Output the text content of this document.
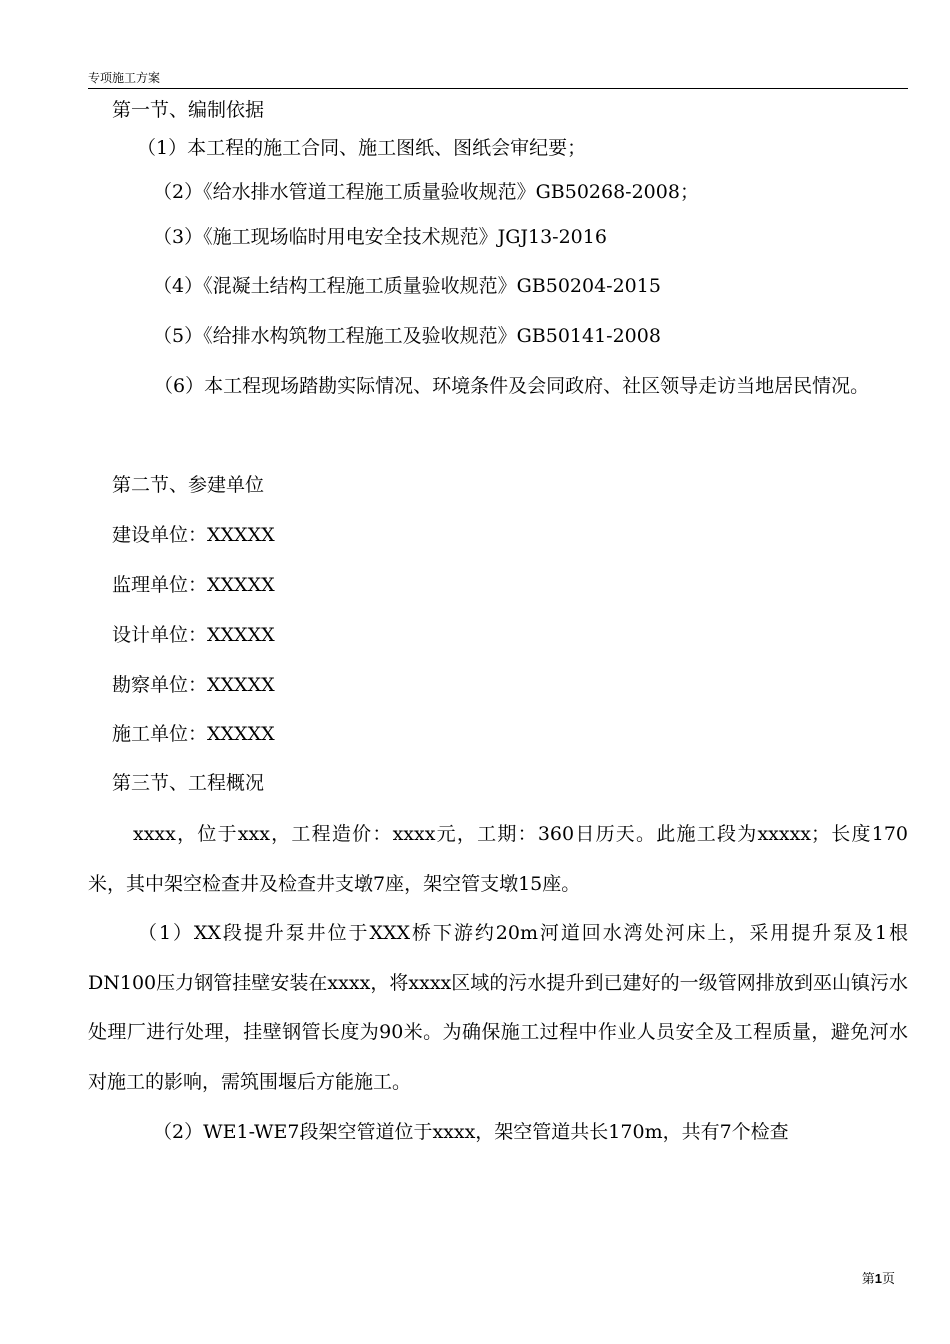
专项施工方案
第一节、编制依据
（1）本工程的施工合同、施工图纸、图纸会审纪要；
（2）《给水排水管道工程施工质量验收规范》GB50268-2008；
（3）《施工现场临时用电安全技术规范》JGJ13-2016
（4）《混凝土结构工程施工质量验收规范》GB50204-2015
（5）《给排水构筑物工程施工及验收规范》GB50141-2008
（6）本工程现场踏勘实际情况、环境条件及会同政府、社区领导走访当地居民情况。
第二节、参建单位
建设单位：XXXXX
监理单位：XXXXX
设计单位：XXXXX
勘察单位：XXXXX
施工单位：XXXXX
第三节、工程概况
xxxx，位于xxx，工程造价：xxxx元，工期：360日历天。此施工段为xxxxx；长度170米，其中架空检查井及检查井支墩7座，架空管支墩15座。
（1）XX段提升泵井位于XXX桥下游约20m河道回水湾处河床上，采用提升泵及1根DN100压力钢管挂壁安装在xxxx，将xxxx区域的污水提升到已建好的一级管网排放到巫山镇污水处理厂进行处理，挂壁钢管长度为90米。为确保施工过程中作业人员安全及工程质量，避免河水对施工的影响，需筑围堰后方能施工。
（2）WE1-WE7段架空管道位于xxxx，架空管道共长170m，共有7个检查
第1页
